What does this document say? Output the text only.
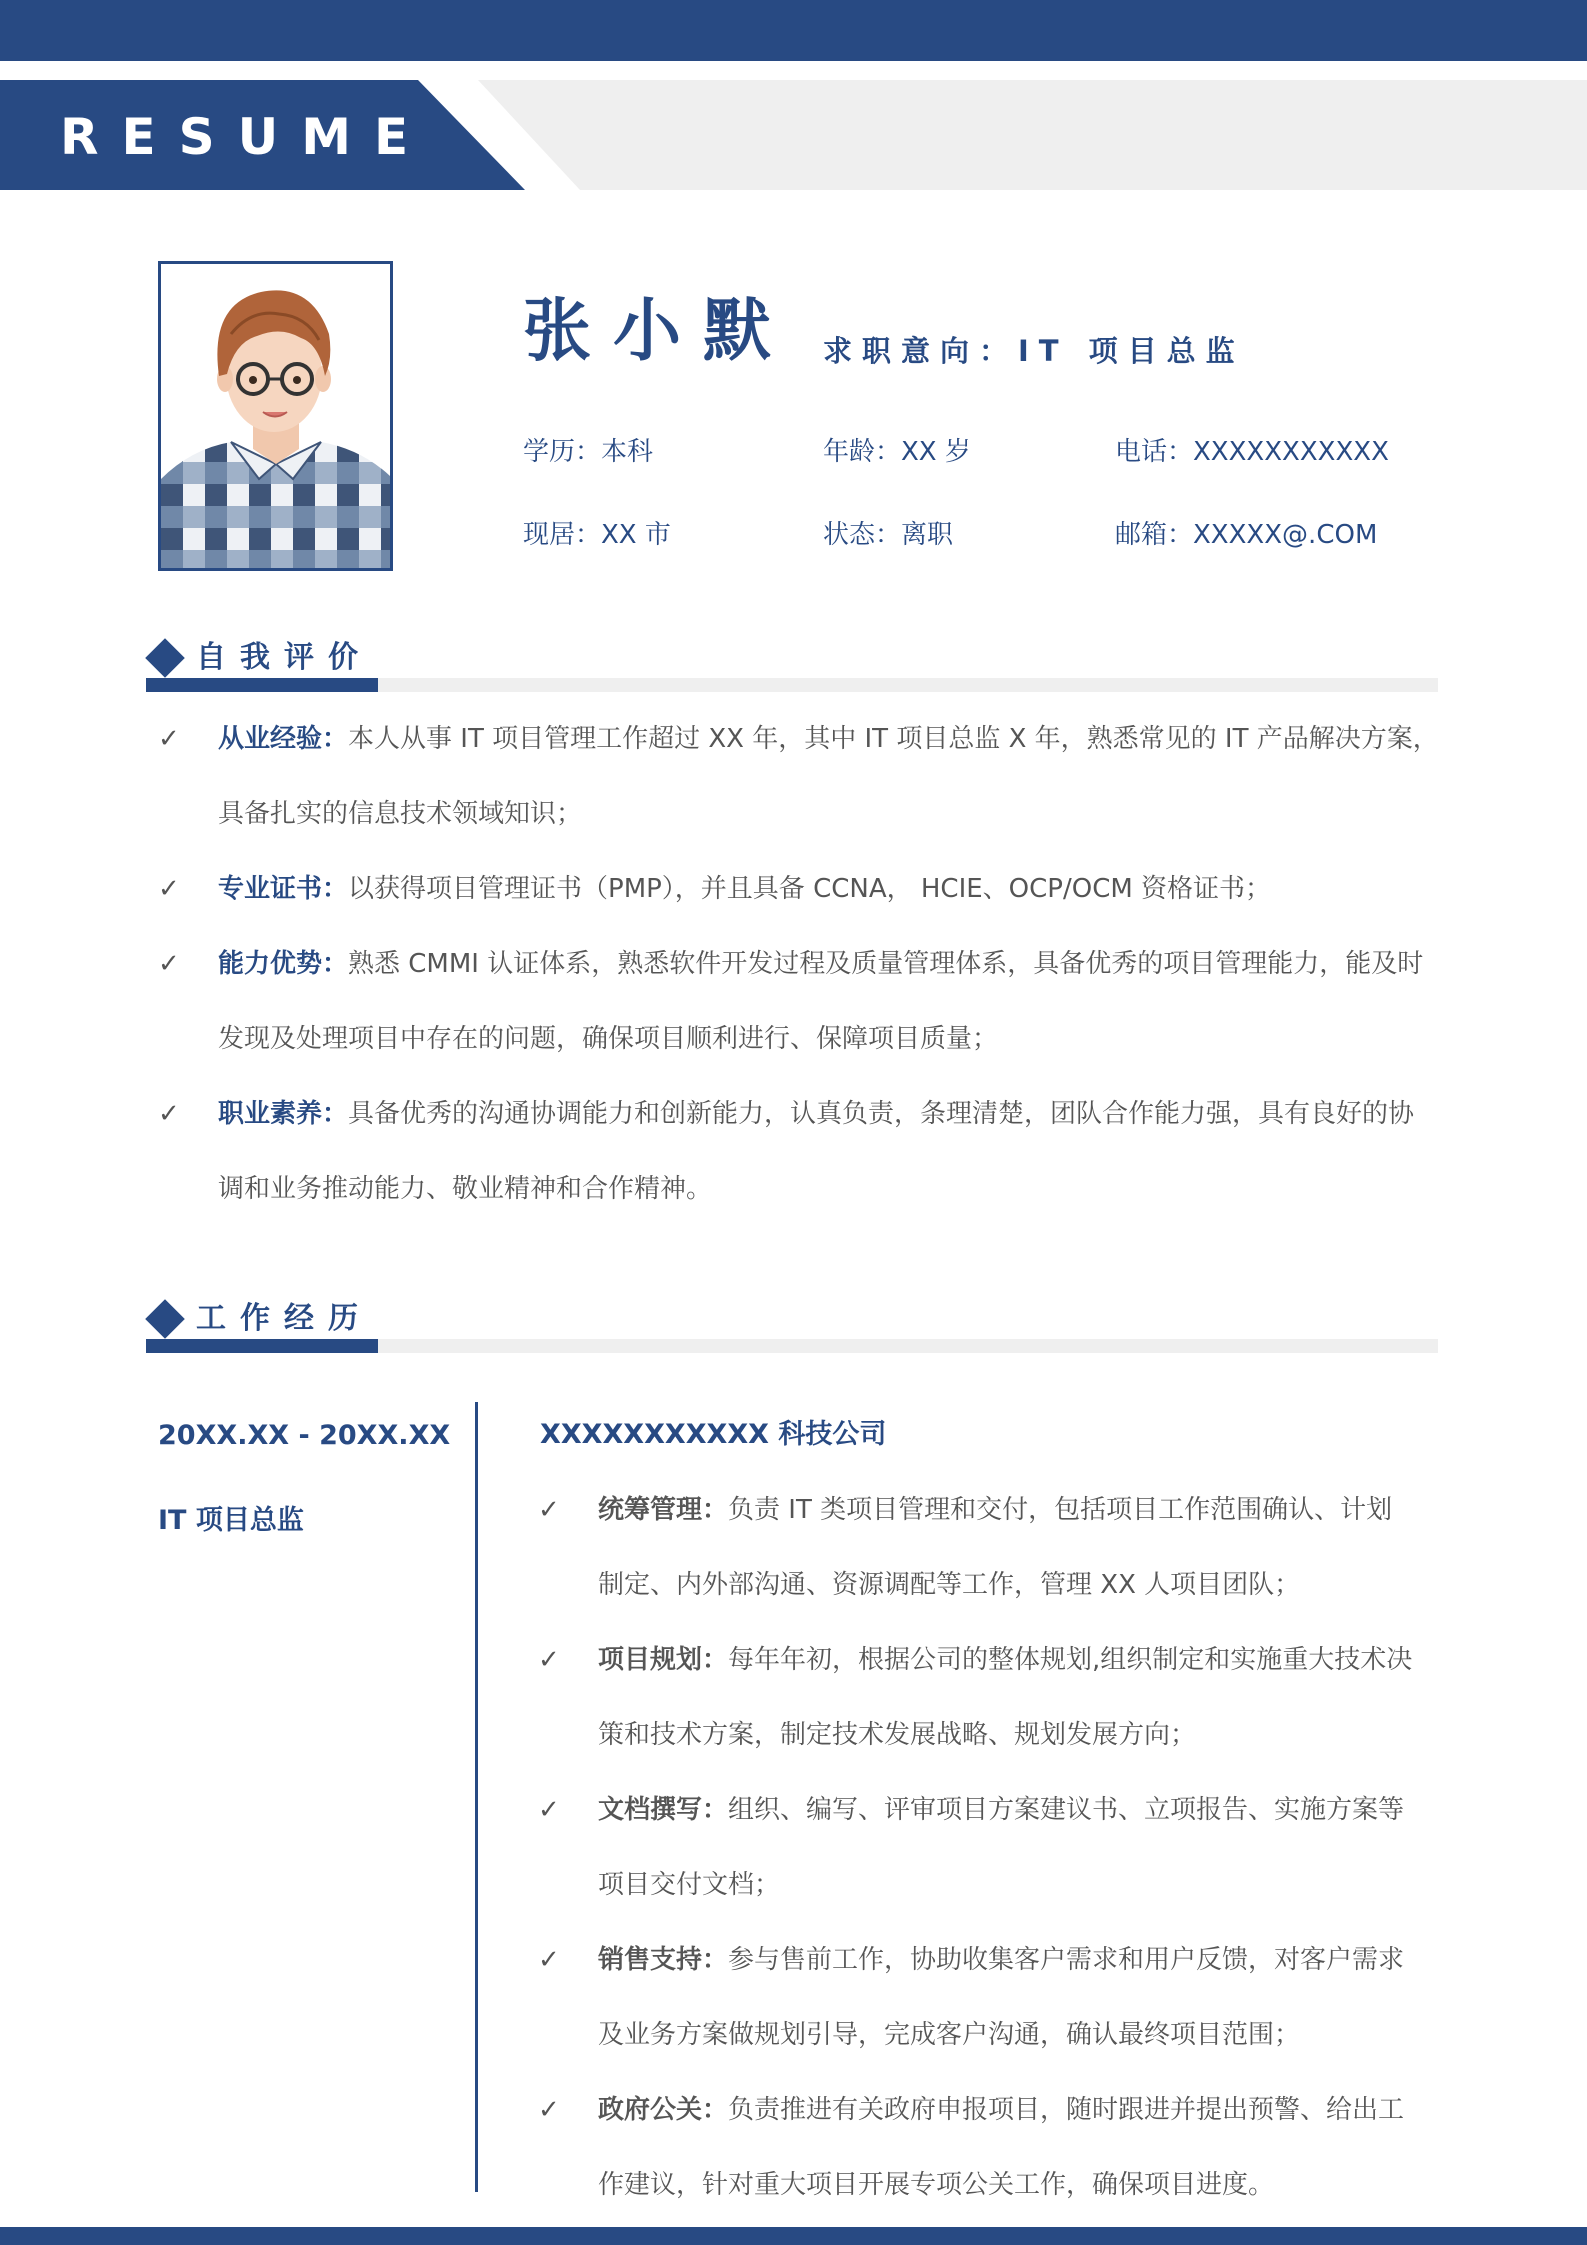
RESUME
张小默 求职意向：IT 项目总监
学历：本科	年龄：XX 岁	电话：XXXXXXXXXXX
现居：XX 市	状态：离职	邮箱：XXXXX@.COM
自我评价
✓ 从业经验：本人从事 IT 项目管理工作超过 XX 年，其中 IT 项目总监 X 年，熟悉常见的 IT 产品解决方案，具备扎实的信息技术领域知识；
✓ 专业证书：以获得项目管理证书（PMP），并且具备 CCNA， HCIE、OCP/OCM 资格证书；
✓ 能力优势：熟悉 CMMI 认证体系，熟悉软件开发过程及质量管理体系，具备优秀的项目管理能力，能及时发现及处理项目中存在的问题，确保项目顺利进行、保障项目质量；
✓ 职业素养：具备优秀的沟通协调能力和创新能力，认真负责，条理清楚，团队合作能力强，具有良好的协调和业务推动能力、敬业精神和合作精神。
工作经历
20XX.XX - 20XX.XX
IT 项目总监
XXXXXXXXXXX 科技公司
✓ 统筹管理：负责 IT 类项目管理和交付，包括项目工作范围确认、计划制定、内外部沟通、资源调配等工作，管理 XX 人项目团队；
✓ 项目规划：每年年初，根据公司的整体规划,组织制定和实施重大技术决策和技术方案，制定技术发展战略、规划发展方向；
✓ 文档撰写：组织、编写、评审项目方案建议书、立项报告、实施方案等项目交付文档；
✓ 销售支持：参与售前工作，协助收集客户需求和用户反馈，对客户需求及业务方案做规划引导，完成客户沟通，确认最终项目范围；
✓ 政府公关：负责推进有关政府申报项目，随时跟进并提出预警、给出工作建议，针对重大项目开展专项公关工作，确保项目进度。
